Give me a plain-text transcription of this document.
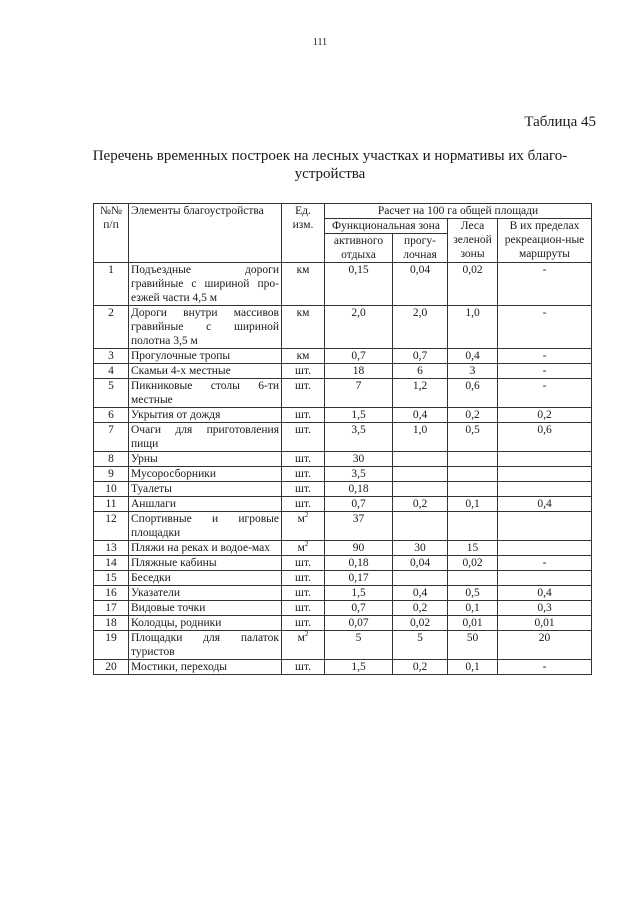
111
Таблица 45
Перечень временных построек на лесных участках и нормативы их благо-
устройства
№№ п/п	Элементы благоустройства	Ед. изм.	Расчет на 100 га общей площади			
			Функциональная зона		Леса зеленой зоны	В их пределах рекреацион-ные маршруты
			активного отдыха	прогу-лочная		
1	Подъездные дороги гравийные с шириной про-езжей части 4,5 м	км	0,15	0,04	0,02	-
2	Дороги внутри массивов гравийные с шириной полотна 3,5 м	км	2,0	2,0	1,0	-
3	Прогулочные тропы	км	0,7	0,7	0,4	-
4	Скамьи 4-х местные	шт.	18	6	3	-
5	Пикниковые столы 6-ти местные	шт.	7	1,2	0,6	-
6	Укрытия от дождя	шт.	1,5	0,4	0,2	0,2
7	Очаги для приготовления пищи	шт.	3,5	1,0	0,5	0,6
8	Урны	шт.	30			
9	Мусоросборники	шт.	3,5			
10	Туалеты	шт.	0,18			
11	Аншлаги	шт.	0,7	0,2	0,1	0,4
12	Спортивные и игровые площадки	$м^2$	37			
13	Пляжи на реках и водое-мах	$м^2$	90	30	15	
14	Пляжные кабины	шт.	0,18	0,04	0,02	-
15	Беседки	шт.	0,17			
16	Указатели	шт.	1,5	0,4	0,5	0,4
17	Видовые точки	шт.	0,7	0,2	0,1	0,3
18	Колодцы, родники	шт.	0,07	0,02	0,01	0,01
19	Площадки для палаток туристов	$м^2$	5	5	50	20
20	Мостики, переходы	шт.	1,5	0,2	0,1	-
